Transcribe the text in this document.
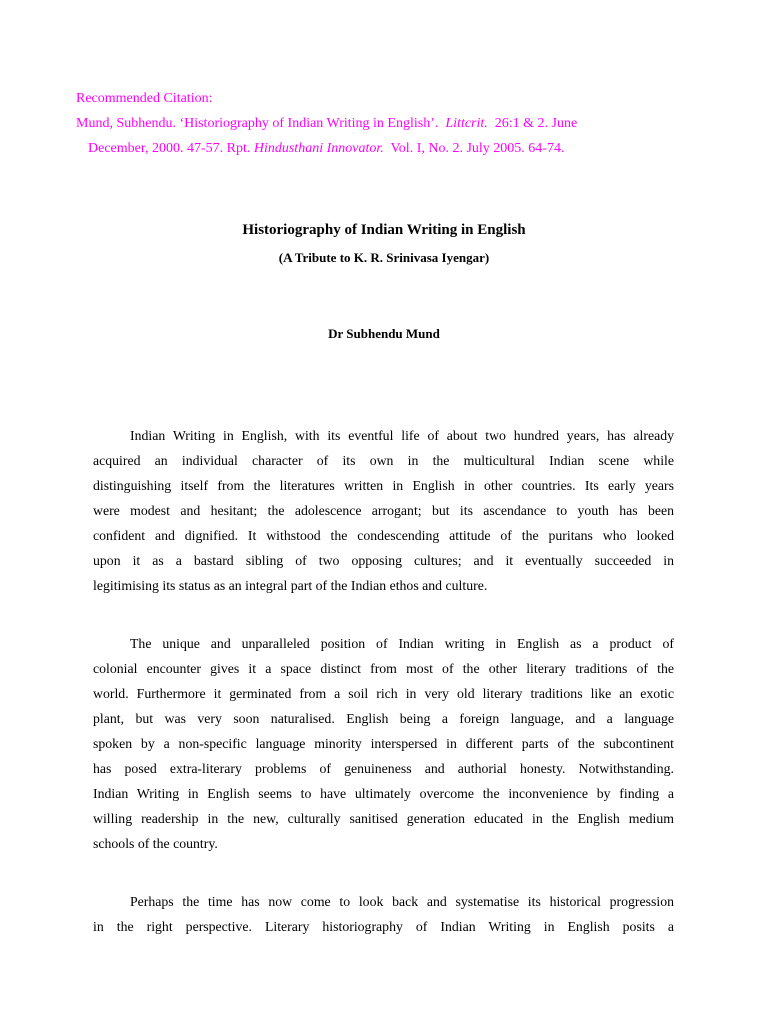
Recommended Citation:
Mund, Subhendu. ‘Historiography of Indian Writing in English’. Littcrit. 26:1 & 2. June
December, 2000. 47-57. Rpt. Hindusthani Innovator. Vol. I, No. 2. July 2005. 64-74.
Historiography of Indian Writing in English
(A Tribute to K. R. Srinivasa Iyengar)
Dr Subhendu Mund
Indian Writing in English, with its eventful life of about two hundred years, has already
acquired an individual character of its own in the multicultural Indian scene while
distinguishing itself from the literatures written in English in other countries. Its early years
were modest and hesitant; the adolescence arrogant; but its ascendance to youth has been
confident and dignified. It withstood the condescending attitude of the puritans who looked
upon it as a bastard sibling of two opposing cultures; and it eventually succeeded in
legitimising its status as an integral part of the Indian ethos and culture.
The unique and unparalleled position of Indian writing in English as a product of
colonial encounter gives it a space distinct from most of the other literary traditions of the
world. Furthermore it germinated from a soil rich in very old literary traditions like an exotic
plant, but was very soon naturalised. English being a foreign language, and a language
spoken by a non-specific language minority interspersed in different parts of the subcontinent
has posed extra-literary problems of genuineness and authorial honesty. Notwithstanding.
Indian Writing in English seems to have ultimately overcome the inconvenience by finding a
willing readership in the new, culturally sanitised generation educated in the English medium
schools of the country.
Perhaps the time has now come to look back and systematise its historical progression
in the right perspective. Literary historiography of Indian Writing in English posits a
